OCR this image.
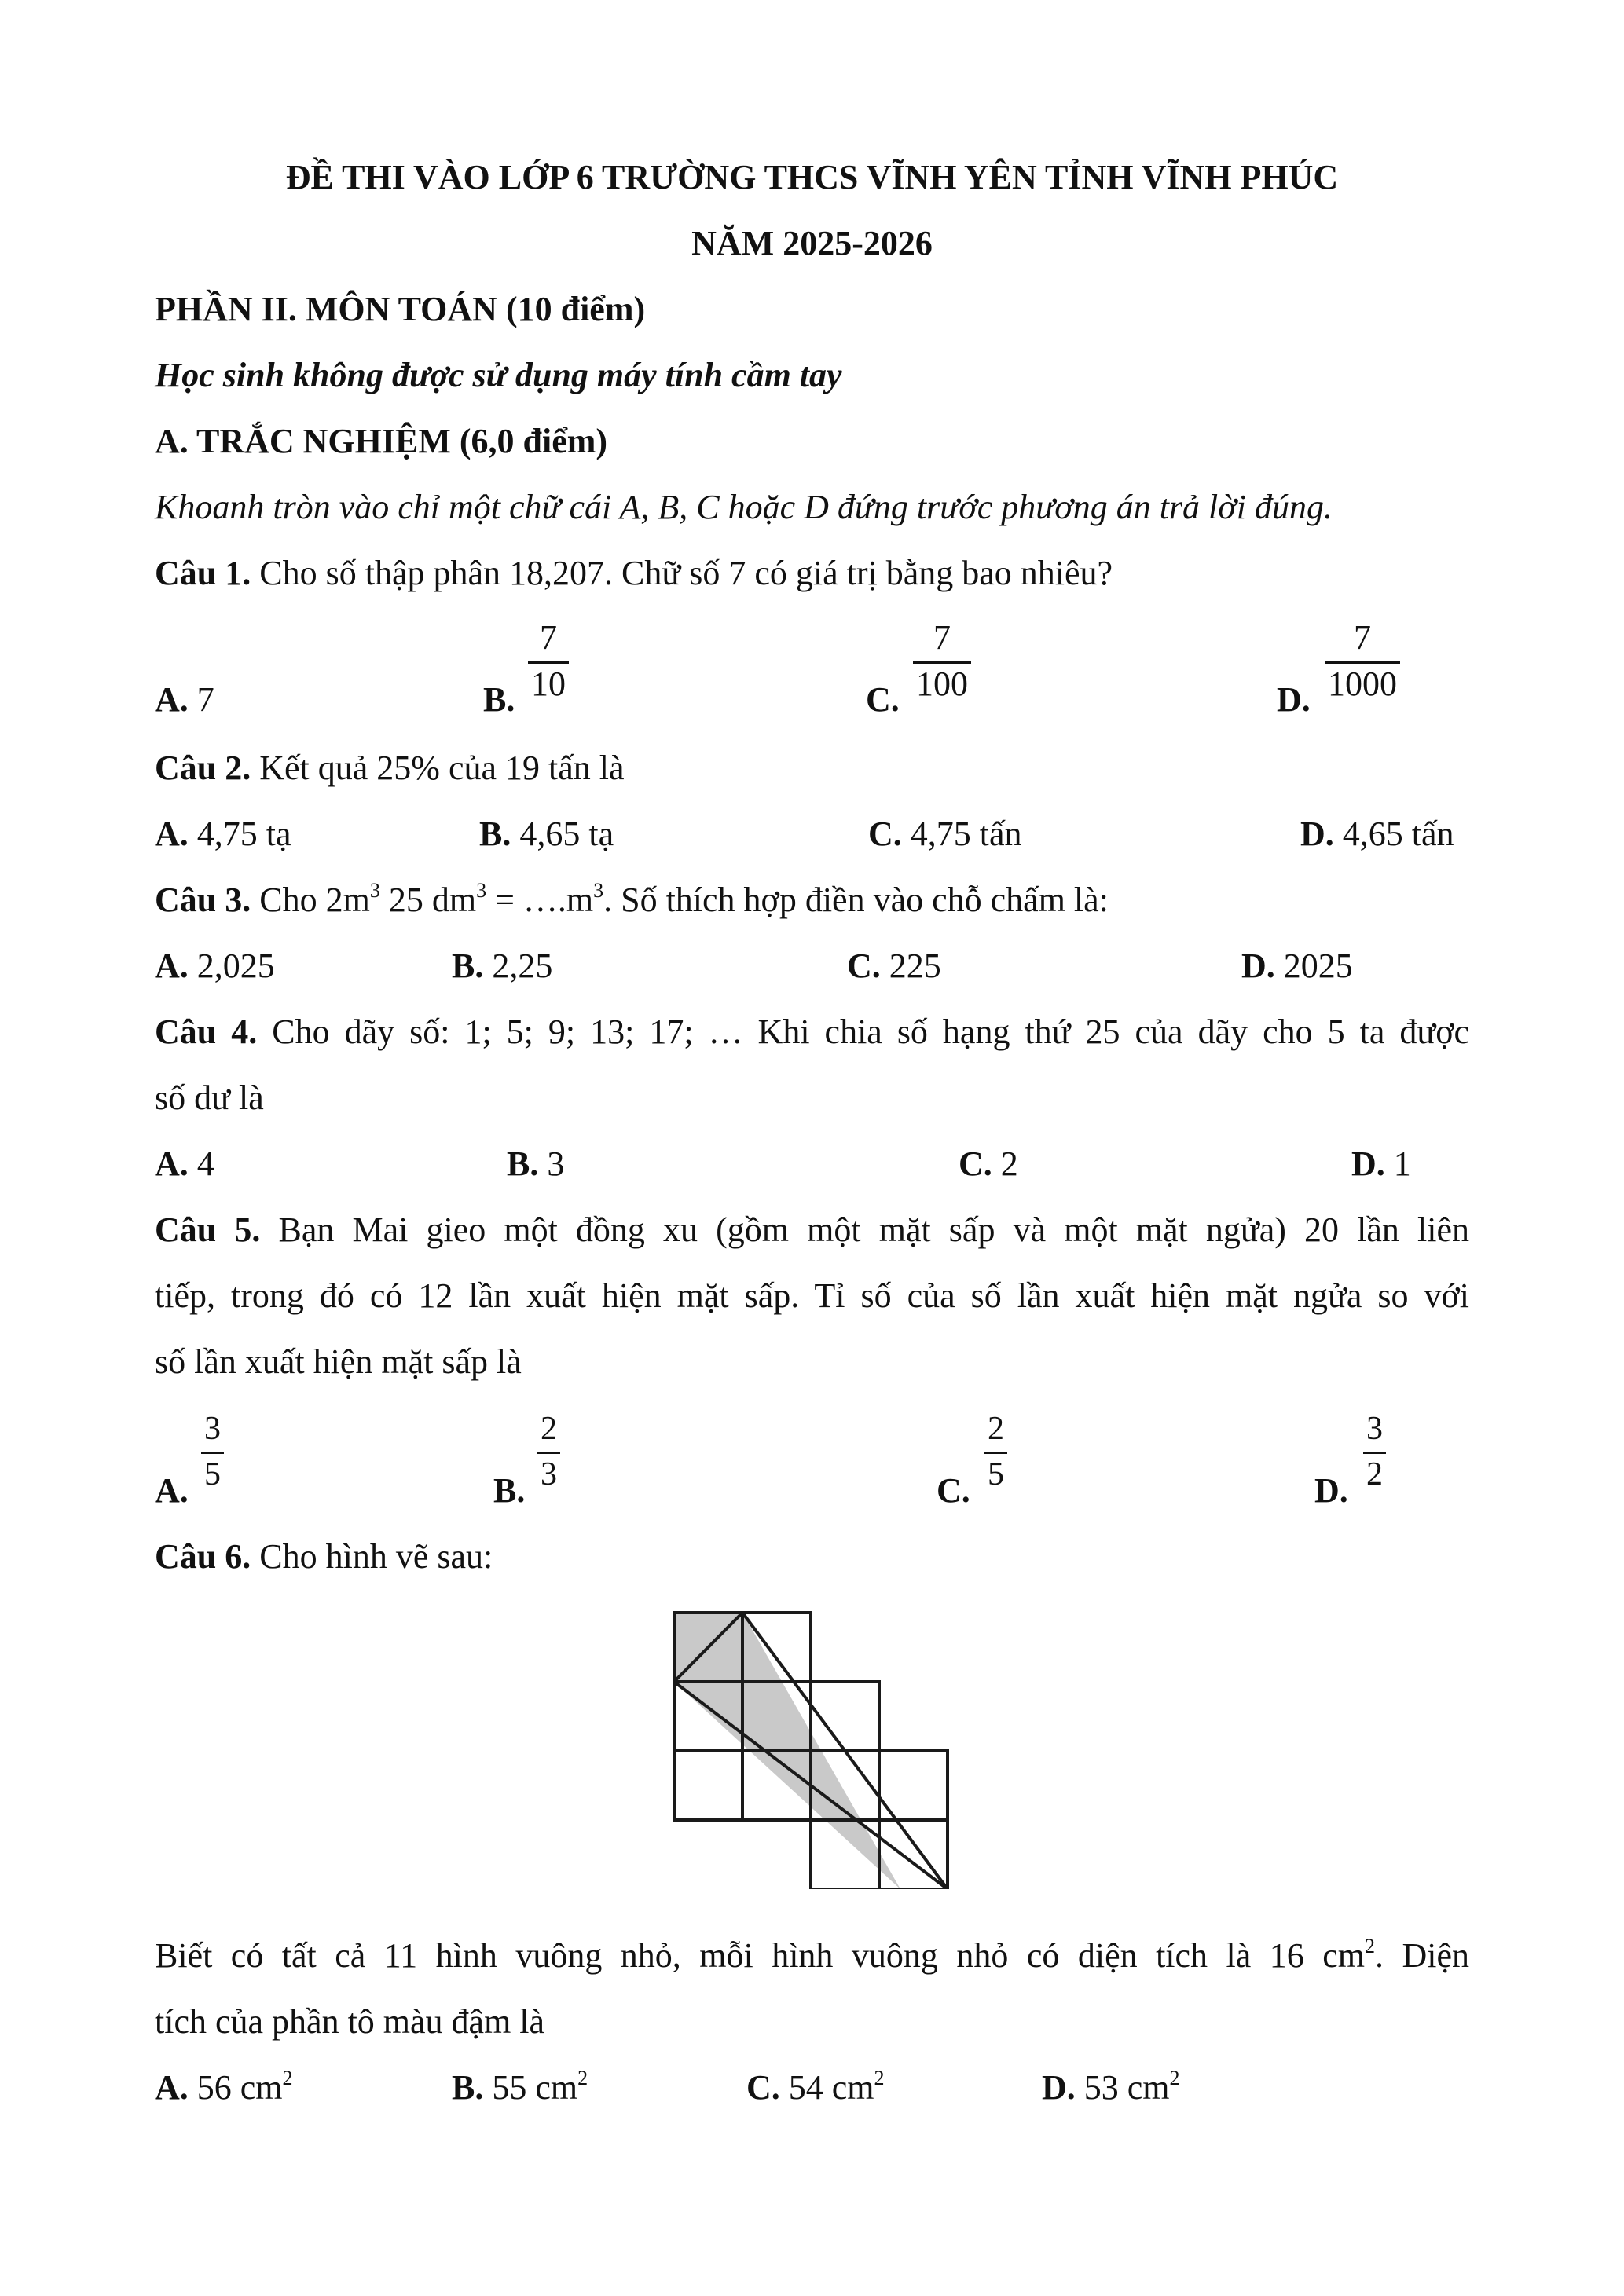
ĐỀ THI VÀO LỚP 6 TRƯỜNG THCS VĨNH YÊN TỈNH VĨNH PHÚC
NĂM 2025-2026
PHẦN II. MÔN TOÁN (10 điểm)
Học sinh không được sử dụng máy tính cầm tay
A. TRẮC NGHIỆM (6,0 điểm)
Khoanh tròn vào chỉ một chữ cái A, B, C hoặc D đứng trước phương án trả lời đúng.
Câu 1. Cho số thập phân 18,207. Chữ số 7 có giá trị bằng bao nhiêu?
A. 7	B.
7
10	C.
7
100	D.
7
1000
Câu 2. Kết quả 25% của 19 tấn là
A. 4,75 tạ	B. 4,65 tạ	C. 4,75 tấn	D. 4,65 tấn
Câu 3. Cho $2m^3$ 25 $dm^3$ = $\dots.m^3$. Số thích hợp điền vào chỗ chấm là:
A. 2,025	B. 2,25	C. 225	D. 2025
Câu 4. Cho dãy số: 1; 5; 9; 13; 17; … Khi chia số hạng thứ 25 của dãy cho 5 ta được
số dư là
A. 4	B. 3	C. 2	D. 1
Câu 5. Bạn Mai gieo một đồng xu (gồm một mặt sấp và một mặt ngửa) 20 lần liên
tiếp, trong đó có 12 lần xuất hiện mặt sấp. Tỉ số của số lần xuất hiện mặt ngửa so với
số lần xuất hiện mặt sấp là
A.
3
5	B.
2
3	C.
2
5	D.
3
2
Câu 6. Cho hình vẽ sau:
Biết có tất cả 11 hình vuông nhỏ, mỗi hình vuông nhỏ có diện tích là 16 $cm^2$. Diện
tích của phần tô màu đậm là
A. 56 $cm^2$	B. 55 $cm^2$	C. 54 $cm^2$	D. 53 $cm^2$
